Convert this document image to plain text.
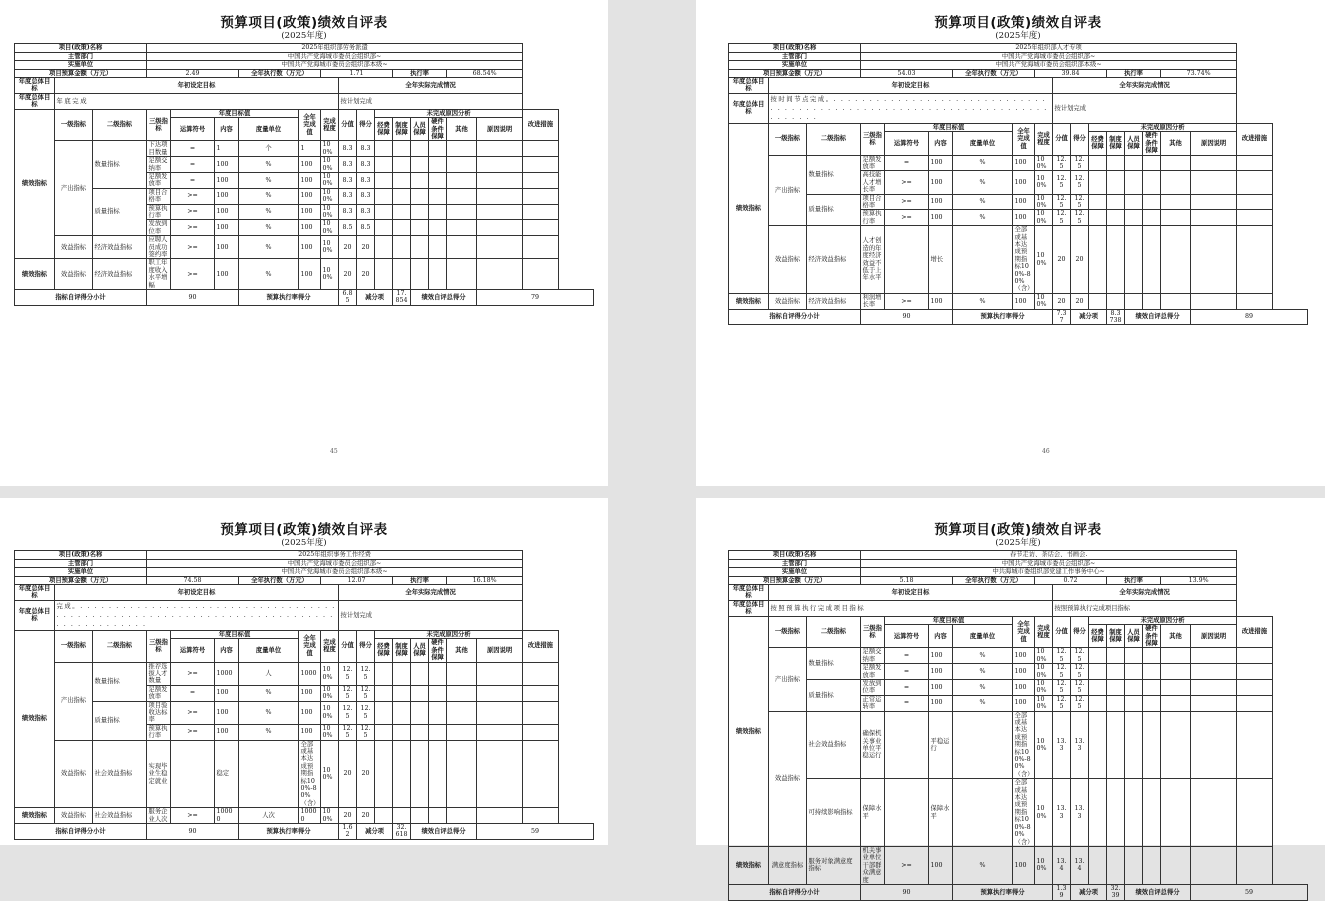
预算项目(政策)绩效自评表
(2025年度)
项目(政策)名称			2025年组织部劳务派遣														
主管部门			中国共产党海城市委员会组织部~														
实施单位			中国共产党海城市委员会组织部本级~														
项目预算金额（万元）			2.49			全年执行数（万元）		1.71				执行率			68.54%		
年度总体目标	年初设定目标								全年实际完成情况								
年度总体目标	年底完成								按计划完成								
绩效指标	一级指标	二级指标	三级指标	年度目标值			全年完成值	完成程度	分值	得分	未完成原因分析						改进措施
				运算符号	内容	度量单位					经费保障	制度保障	人员保障	硬件条件保障	其他	原因说明	
	产出指标	数量指标	下达项目数量	=	1	个	1	100%	8.3	8.3							
			足额交纳率	=	100	%	100	100%	8.3	8.3							
			足额发放率	=	100	%	100	100%	8.3	8.3							
		质量指标	项目合格率	>=	100	%	100	100%	8.3	8.3							
			预算执行率	>=	100	%	100	100%	8.3	8.3							
			发放到位率	>=	100	%	100	100%	8.5	8.5							
	效益指标	经济效益指标	应聘人员成功签约率	>=	100	%	100	100%	20	20							
绩效指标	效益指标	经济效益指标	职工年度收入水平增幅	>=	100	%	100	100%	20	20							
指标自评得分小计			90			预算执行率得分			6.85	减分项		17.854	绩效自评总得分			79	
45
预算项目(政策)绩效自评表
(2025年度)
项目(政策)名称			2025年组织部人才专项														
主管部门			中国共产党海城市委员会组织部~														
实施单位			中国共产党海城市委员会组织部本级~														
项目预算金额（万元）			54.03			全年执行数（万元）		39.84				执行率			73.74%		
年度总体目标	年初设定目标								全年实际完成情况								
年度总体目标	按时间节点完成。. . . . . . . . . . . . . . . . . . . . . . . . . . . . . . . . . . . . . . . . . . . . . . . . . . . . . . . . . . . . . . . . . . . . . . . . . . . .								按计划完成								
绩效指标	一级指标	二级指标	三级指标	年度目标值			全年完成值	完成程度	分值	得分	未完成原因分析						改进措施
				运算符号	内容	度量单位					经费保障	制度保障	人员保障	硬件条件保障	其他	原因说明	
	产出指标	数量指标	足额发放率	=	100	%	100	100%	12.5	12.5							
			高技能人才增长率	>=	100	%	100	100%	12.5	12.5							
		质量指标	项目合格率	>=	100	%	100	100%	12.5	12.5							
			预算执行率	>=	100	%	100	100%	12.5	12.5							
	效益指标	经济效益指标	人才创造的年度经济效益不低于上年水平		增长		全部或基本达成预期指标100%-80%（含）	100%	20	20							
绩效指标	效益指标	经济效益指标	利润增长率	>=	100	%	100	100%	20	20							
指标自评得分小计			90			预算执行率得分			7.37	减分项		8.3738	绩效自评总得分			89	
46
预算项目(政策)绩效自评表
(2025年度)
项目(政策)名称			2025年组织事务工作经费														
主管部门			中国共产党海城市委员会组织部~														
实施单位			中国共产党海城市委员会组织部本级~														
项目预算金额（万元）			74.58			全年执行数（万元）		12.07				执行率			16.18%		
年度总体目标	年初设定目标								全年实际完成情况								
年度总体目标	完成。. . . . . . . . . . . . . . . . . . . . . . . . . . . . . . . . . . . . . . . . . . . . . . . . . . . . . . . . . . . . . . . . . . . . . . . . . . . . . . . . . . . . . . . .								按计划完成								
绩效指标	一级指标	二级指标	三级指标	年度目标值			全年完成值	完成程度	分值	得分	未完成原因分析						改进措施
				运算符号	内容	度量单位					经费保障	制度保障	人员保障	硬件条件保障	其他	原因说明	
	产出指标	数量指标	推荐选拔人才数量	>=	1000	人	1000	100%	12.5	12.5							
			足额发放率	=	100	%	100	100%	12.5	12.5							
		质量指标	项目验收达标率	>=	100	%	100	100%	12.5	12.5							
			预算执行率	>=	100	%	100	100%	12.5	12.5							
	效益指标	社会效益指标	实现毕业生稳定就业		稳定		全部或基本达成预期指标100%-80%（含）	100%	20	20							
绩效指标	效益指标	社会效益指标	服务企业人次	>=	10000	人次	10000	100%	20	20							
指标自评得分小计			90			预算执行率得分			1.62	减分项		32.618	绩效自评总得分			59	
预算项目(政策)绩效自评表
(2025年度)
项目(政策)名称			春节走访、茶话会、书画会.														
主管部门			中国共产党海城市委员会组织部~														
实施单位			中共海城市委组织部党建工作事务中心~														
项目预算金额（万元）			5.18			全年执行数（万元）		0.72				执行率			13.9%		
年度总体目标	年初设定目标								全年实际完成情况								
年度总体目标	按照预算执行完成项目指标								按照预算执行完成项目指标								
绩效指标	一级指标	二级指标	三级指标	年度目标值			全年完成值	完成程度	分值	得分	未完成原因分析						改进措施
				运算符号	内容	度量单位					经费保障	制度保障	人员保障	硬件条件保障	其他	原因说明	
	产出指标	数量指标	足额交纳率	=	100	%	100	100%	12.5	12.5							
			足额发放率	=	100	%	100	100%	12.5	12.5							
		质量指标	发放到位率	=	100	%	100	100%	12.5	12.5							
			正常运转率	=	100	%	100	100%	12.5	12.5							
	效益指标	社会效益指标	确保机关事业单位平稳运行		平稳运行		全部或基本达成预期指标100%-80%（含）	100%	13.3	13.3							
		可持续影响指标	保障水平		保障水平		全部或基本达成预期指标100%-80%（含）	100%	13.3	13.3							
绩效指标	满意度指标	服务对象满意度指标	机关事业单位干部群众满意度	>=	100	%	100	100%	13.4	13.4							
指标自评得分小计			90			预算执行率得分			1.39	减分项		32.39	绩效自评总得分			59	
